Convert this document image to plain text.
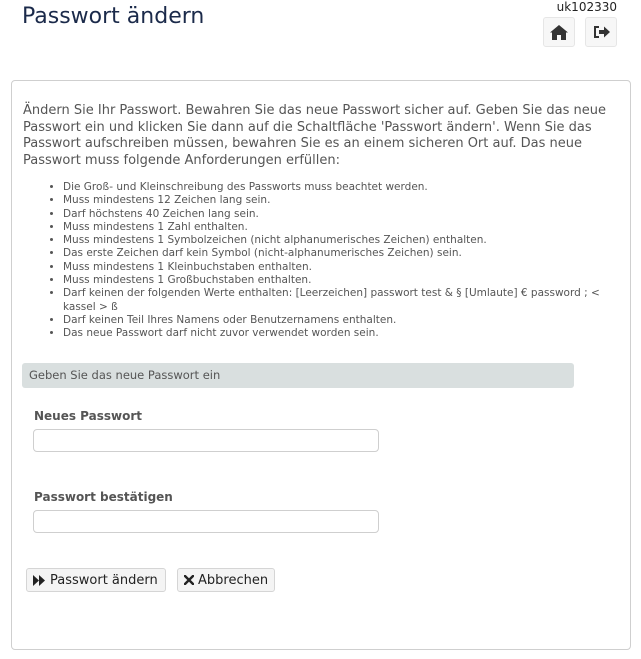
Passwort ändern	uk102330

Ändern Sie Ihr Passwort. Bewahren Sie das neue Passwort sicher auf. Geben Sie das neue Passwort ein und klicken Sie dann auf die Schaltfläche 'Passwort ändern'. Wenn Sie das Passwort aufschreiben müssen, bewahren Sie es an einem sicheren Ort auf. Das neue Passwort muss folgende Anforderungen erfüllen:

• Die Groß- und Kleinschreibung des Passworts muss beachtet werden.
• Muss mindestens 12 Zeichen lang sein.
• Darf höchstens 40 Zeichen lang sein.
• Muss mindestens 1 Zahl enthalten.
• Muss mindestens 1 Symbolzeichen (nicht alphanumerisches Zeichen) enthalten.
• Das erste Zeichen darf kein Symbol (nicht-alphanumerisches Zeichen) sein.
• Muss mindestens 1 Kleinbuchstaben enthalten.
• Muss mindestens 1 Großbuchstaben enthalten.
• Darf keinen der folgenden Werte enthalten: [Leerzeichen] passwort test & § [Umlaute] € password ; < kassel > ß
• Darf keinen Teil Ihres Namens oder Benutzernamens enthalten.
• Das neue Passwort darf nicht zuvor verwendet worden sein.
Geben Sie das neue Passwort ein
Neues Passwort
Passwort bestätigen
Passwort ändern	Abbrechen
